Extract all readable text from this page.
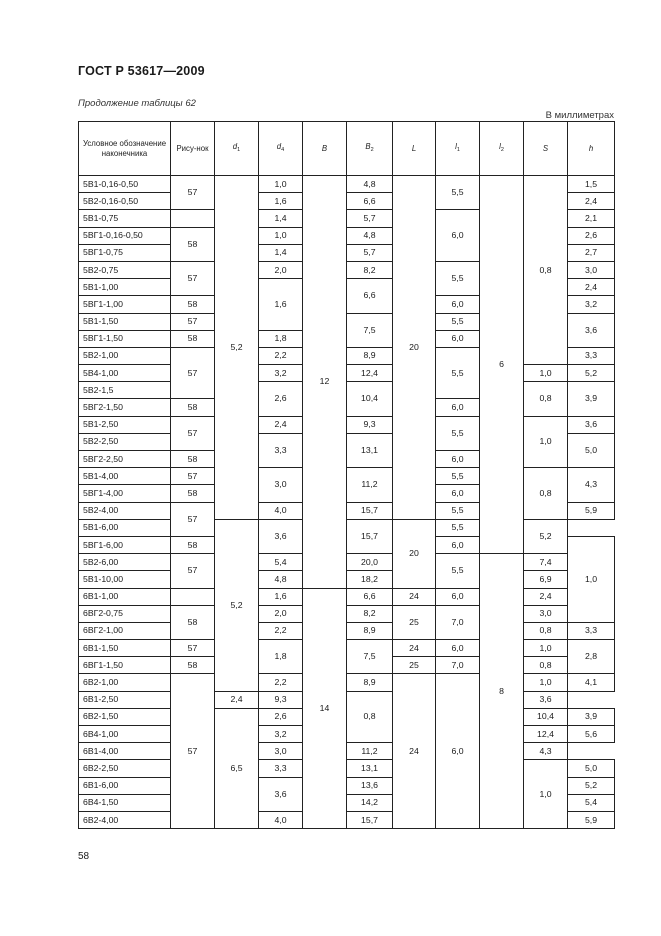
ГОСТ Р 53617—2009
Продолжение таблицы 62
В миллиметрах
Условное обозначение наконечника	Рису-нок	$d_1$	$d_4$	B	$B_2$	L	$l_1$	$l_2$	S	h
5В1-0,16-0,50	57	5,2	1,0	12	4,8	20	5,5	6	0,8	1,5
5В2-0,16-0,50			1,6		6,6					2,4
5В1-0,75			1,4		5,7		6,0			2,1
5ВГ1-0,16-0,50	58		1,0		4,8					2,6
5ВГ1-0,75			1,4		5,7					2,7
5В2-0,75	57		2,0		8,2		5,5			3,0
5В1-1,00			1,6		6,6					2,4
5ВГ1-1,00	58						6,0			3,2
5В1-1,50	57				7,5		5,5			3,6
5ВГ1-1,50	58		1,8				6,0			
5В2-1,00	57		2,2		8,9		5,5			3,3
5В4-1,00			3,2		12,4				1,0	5,2
5В2-1,5			2,6		10,4				0,8	3,9
5ВГ2-1,50	58						6,0			
5В1-2,50	57		2,4		9,3		5,5		1,0	3,6
5В2-2,50			3,3		13,1					5,0
5ВГ2-2,50	58						6,0			
5В1-4,00	57		3,0		11,2		5,5		0,8	4,3
5ВГ1-4,00	58						6,0			
5В2-4,00	57		4,0		15,7		5,5			5,9
5В1-6,00		5,2	3,6		15,7	20	5,5		5,2	
5ВГ1-6,00	58						6,0			1,0
5В2-6,00	57		5,4		20,0		5,5	8	7,4	
5В1-10,00			4,8		18,2				6,9	
6В1-1,00			1,6	14	6,6	24	6,0		2,4	
6ВГ2-0,75	58		2,0		8,2	25	7,0		3,0	
6ВГ2-1,00			2,2		8,9				0,8	3,3
6В1-1,50	57		1,8		7,5	24	6,0		1,0	2,8
6ВГ1-1,50	58					25	7,0		0,8	
6В2-1,00	57		2,2		8,9	24	6,0		1,0	4,1
6В1-2,50		2,4	9,3		0,8				3,6	
6В2-1,50		6,5	2,6						10,4	3,9
6В4-1,00			3,2						12,4	5,6
6В1-4,00			3,0		11,2				4,3	
6В2-2,50			3,3		13,1				1,0	5,0
6В1-6,00			3,6		13,6					5,2
6В4-1,50					14,2					5,4
6В2-4,00			4,0		15,7					5,9
58
